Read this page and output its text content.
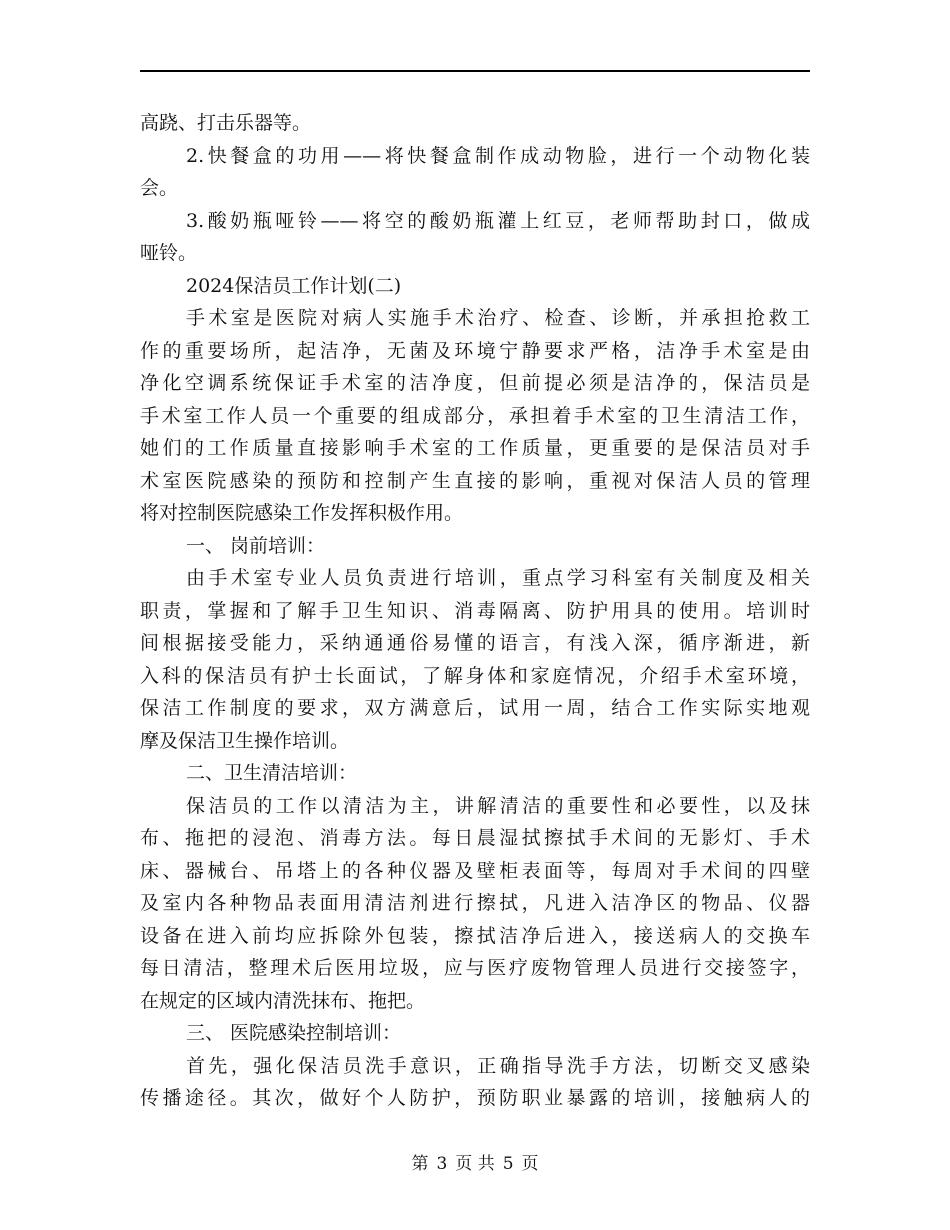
高跷、打击乐器等。
2.快餐盒的功用——将快餐盒制作成动物脸，进行一个动物化装
会。
3.酸奶瓶哑铃——将空的酸奶瓶灌上红豆，老师帮助封口，做成
哑铃。
2024保洁员工作计划(二)
手术室是医院对病人实施手术治疗、检查、诊断，并承担抢救工
作的重要场所，起洁净，无菌及环境宁静要求严格，洁净手术室是由
净化空调系统保证手术室的洁净度，但前提必须是洁净的，保洁员是
手术室工作人员一个重要的组成部分，承担着手术室的卫生清洁工作，
她们的工作质量直接影响手术室的工作质量，更重要的是保洁员对手
术室医院感染的预防和控制产生直接的影响，重视对保洁人员的管理
将对控制医院感染工作发挥积极作用。
一、 岗前培训：
由手术室专业人员负责进行培训，重点学习科室有关制度及相关
职责，掌握和了解手卫生知识、消毒隔离、防护用具的使用。培训时
间根据接受能力，采纳通通俗易懂的语言，有浅入深，循序渐进，新
入科的保洁员有护士长面试，了解身体和家庭情况，介绍手术室环境，
保洁工作制度的要求，双方满意后，试用一周，结合工作实际实地观
摩及保洁卫生操作培训。
二、卫生清洁培训：
保洁员的工作以清洁为主，讲解清洁的重要性和必要性，以及抹
布、拖把的浸泡、消毒方法。每日晨湿拭擦拭手术间的无影灯、手术
床、器械台、吊塔上的各种仪器及壁柜表面等，每周对手术间的四壁
及室内各种物品表面用清洁剂进行擦拭，凡进入洁净区的物品、仪器
设备在进入前均应拆除外包装，擦拭洁净后进入，接送病人的交换车
每日清洁，整理术后医用垃圾，应与医疗废物管理人员进行交接签字，
在规定的区域内清洗抹布、拖把。
三、 医院感染控制培训：
首先，强化保洁员洗手意识，正确指导洗手方法，切断交叉感染
传播途径。其次，做好个人防护，预防职业暴露的培训，接触病人的
第 3 页 共 5 页
